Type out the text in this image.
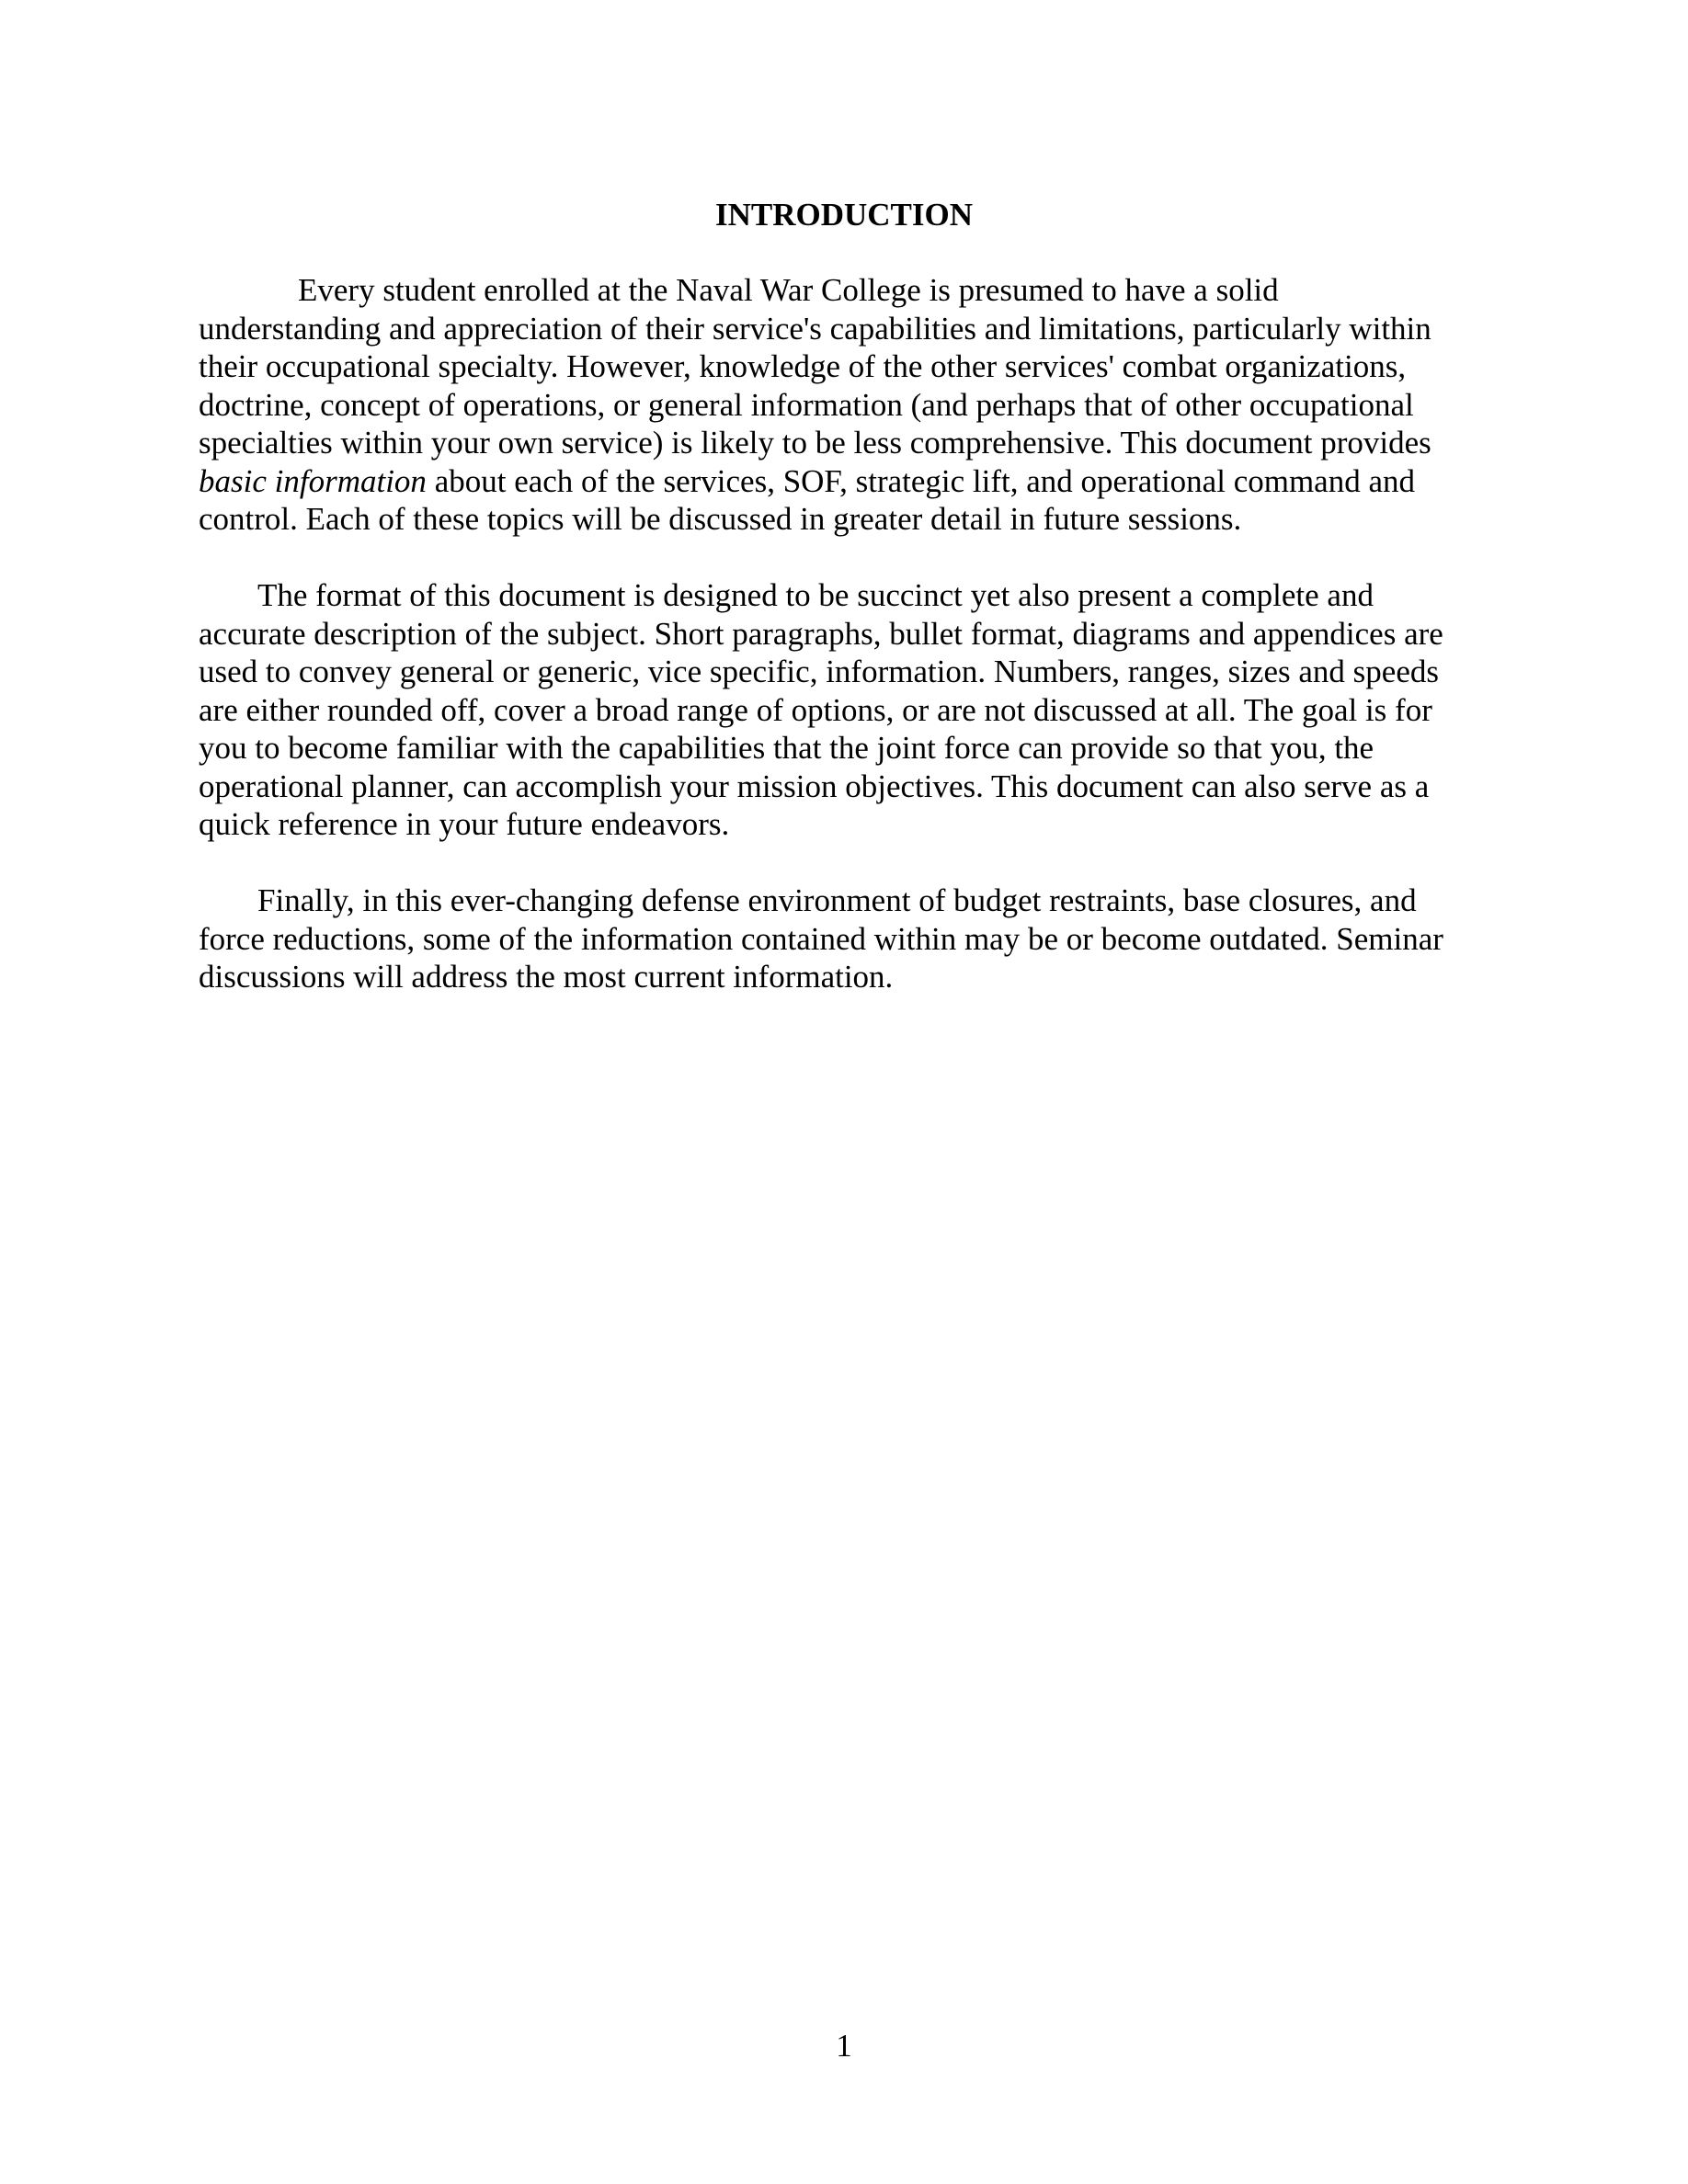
INTRODUCTION
Every student enrolled at the Naval War College is presumed to have a solid
understanding and appreciation of their service's capabilities and limitations, particularly within
their occupational specialty. However, knowledge of the other services' combat organizations,
doctrine, concept of operations, or general information (and perhaps that of other occupational
specialties within your own service) is likely to be less comprehensive. This document provides
basic information about each of the services, SOF, strategic lift, and operational command and
control. Each of these topics will be discussed in greater detail in future sessions.
The format of this document is designed to be succinct yet also present a complete and
accurate description of the subject. Short paragraphs, bullet format, diagrams and appendices are
used to convey general or generic, vice specific, information. Numbers, ranges, sizes and speeds
are either rounded off, cover a broad range of options, or are not discussed at all. The goal is for
you to become familiar with the capabilities that the joint force can provide so that you, the
operational planner, can accomplish your mission objectives. This document can also serve as a
quick reference in your future endeavors.
Finally, in this ever-changing defense environment of budget restraints, base closures, and
force reductions, some of the information contained within may be or become outdated. Seminar
discussions will address the most current information.
1
